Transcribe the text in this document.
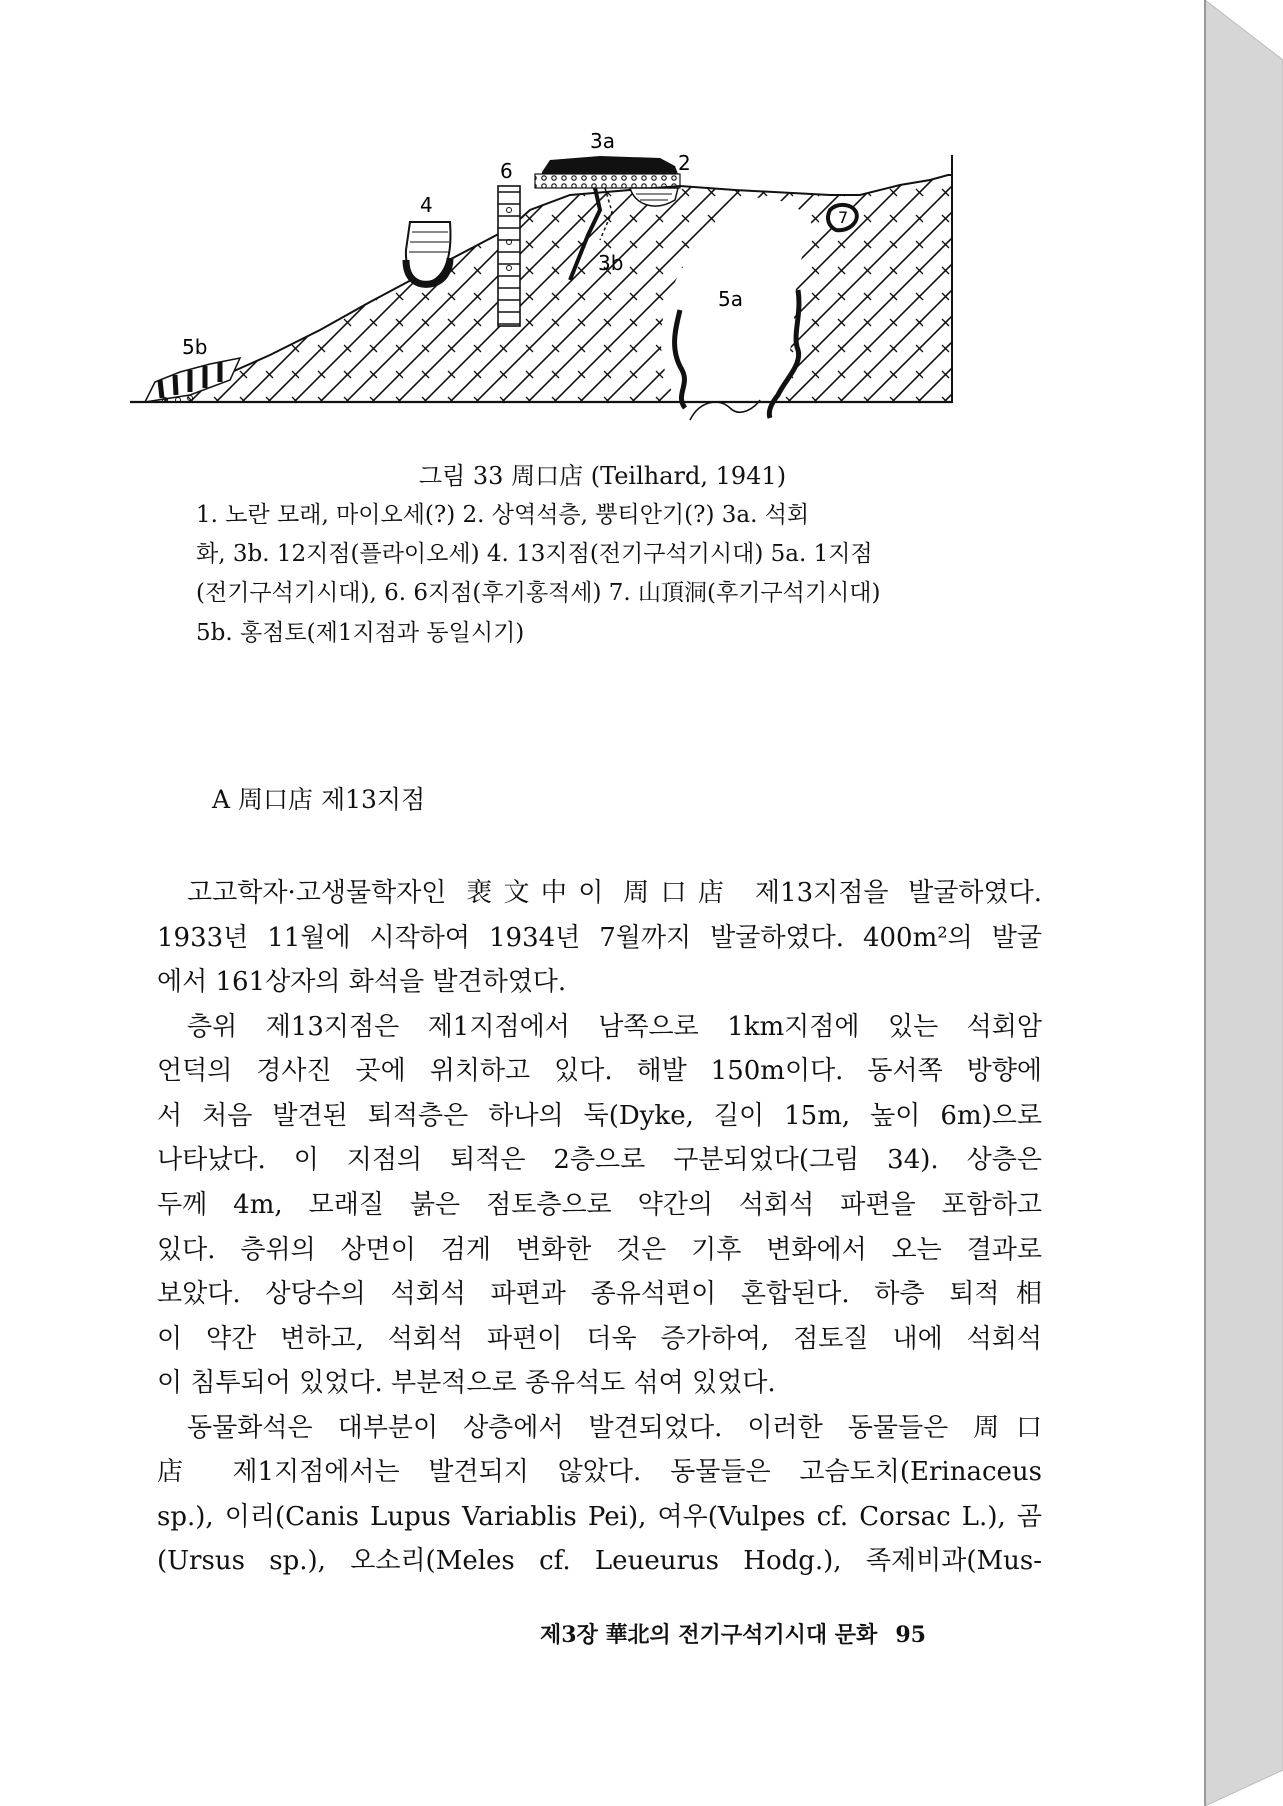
3a
2
6
4
7
3b
5a
5b
그림 33 周口店 (Teilhard, 1941)
1. 노란 모래, 마이오세(?) 2. 상역석층, 뿡티안기(?) 3a. 석회
화, 3b. 12지점(플라이오세) 4. 13지점(전기구석기시대) 5a. 1지점
(전기구석기시대), 6. 6지점(후기홍적세) 7. 山頂洞(후기구석기시대)
5b. 홍점토(제1지점과 동일시기)
A 周口店 제13지점
고고학자·고생물학자인 裵文中이 周口店 제13지점을 발굴하였다.
1933년 11월에 시작하여 1934년 7월까지 발굴하였다. 400m²의 발굴
에서 161상자의 화석을 발견하였다.
층위 제13지점은 제1지점에서 남쪽으로 1km지점에 있는 석회암
언덕의 경사진 곳에 위치하고 있다. 해발 150m이다. 동서쪽 방향에
서 처음 발견된 퇴적층은 하나의 둑(Dyke, 길이 15m, 높이 6m)으로
나타났다. 이 지점의 퇴적은 2층으로 구분되었다(그림 34). 상층은
두께 4m, 모래질 붉은 점토층으로 약간의 석회석 파편을 포함하고
있다. 층위의 상면이 검게 변화한 것은 기후 변화에서 오는 결과로
보았다. 상당수의 석회석 파편과 종유석편이 혼합된다. 하층 퇴적相
이 약간 변하고, 석회석 파편이 더욱 증가하여, 점토질 내에 석회석
이 침투되어 있었다. 부분적으로 종유석도 섞여 있었다.
동물화석은 대부분이 상층에서 발견되었다. 이러한 동물들은 周口
店 제1지점에서는 발견되지 않았다. 동물들은 고슴도치(Erinaceus
sp.), 이리(Canis Lupus Variablis Pei), 여우(Vulpes cf. Corsac L.), 곰
(Ursus sp.), 오소리(Meles cf. Leueurus Hodg.), 족제비과(Mus-
제3장 華北의 전기구석기시대 문화 95
